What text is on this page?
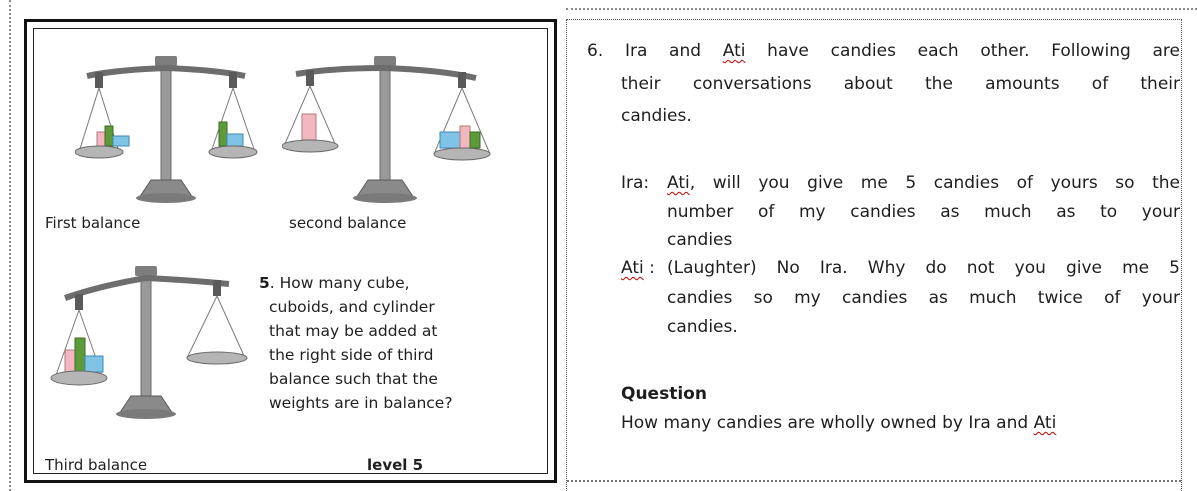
First balance	second balance
5. How many cube,
cuboids, and cylinder
that may be added at
the right side of third
balance such that the
weights are in balance?
Third balance	level 5
6. Ira and Ati have candies each other. Following are
their conversations about the amounts of their
candies.
Ira: Ati, will you give me 5 candies of yours so the
number of my candies as much as to your
candies
Ati : (Laughter) No Ira. Why do not you give me 5
candies so my candies as much twice of your
candies.
Question
How many candies are wholly owned by Ira and Ati
